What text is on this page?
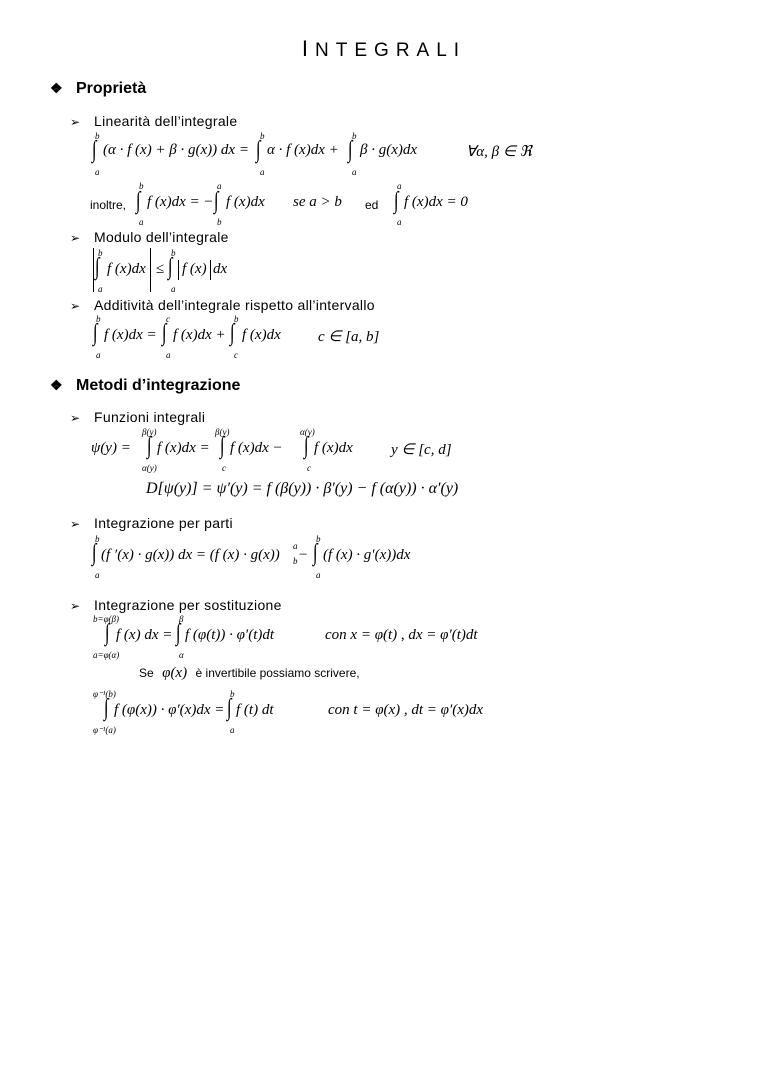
INTEGRALI
❖ Proprietà
➢ Linearità dell’integrale
b
∫
a
(α · f (x) + β · g(x)) dx =
b
∫
a
α · f (x)dx +
b
∫
a
β · g(x)dx	∀α, β ∈ ℜ
inoltre,
b
∫
a
f (x)dx = −
a
∫
b
f (x)dx se a > b ed
a
∫
a
f (x)dx = 0
➢ Modulo dell’integrale
b
∫
a
f (x)dx ≤
b
∫
a
f (x) dx
➢ Additività dell’integrale rispetto all’intervallo
b
∫
a
f (x)dx =
c
∫
a
f (x)dx +
b
∫
c
f (x)dx c ∈ [a, b]
❖ Metodi d’integrazione
➢ Funzioni integrali
ψ(y) =
β(y)
∫
α(y)
f (x)dx =
β(y)
∫
c
f (x)dx −
α(y)
∫
c
f (x)dx	y ∈ [c, d]
D[ψ(y)] = ψ′(y) = f (β(y)) · β′(y) − f (α(y)) · α′(y)
➢ Integrazione per parti
b
∫
a
(f ′(x) · g(x)) dx = (f (x) · g(x))
a
b −
b
∫
a
(f (x) · g′(x))dx
➢ Integrazione per sostituzione
b=φ(β)
∫
a=φ(α)
f (x) dx =
β
∫
α
f (φ(t)) · φ′(t)dt	con x = φ(t) , dx = φ′(t)dt
Se φ(x) è invertibile possiamo scrivere,
φ⁻¹(b)
∫
φ⁻¹(a)
f (φ(x)) · φ′(x)dx =
b
∫
a
f (t) dt	con t = φ(x) , dt = φ′(x)dx
